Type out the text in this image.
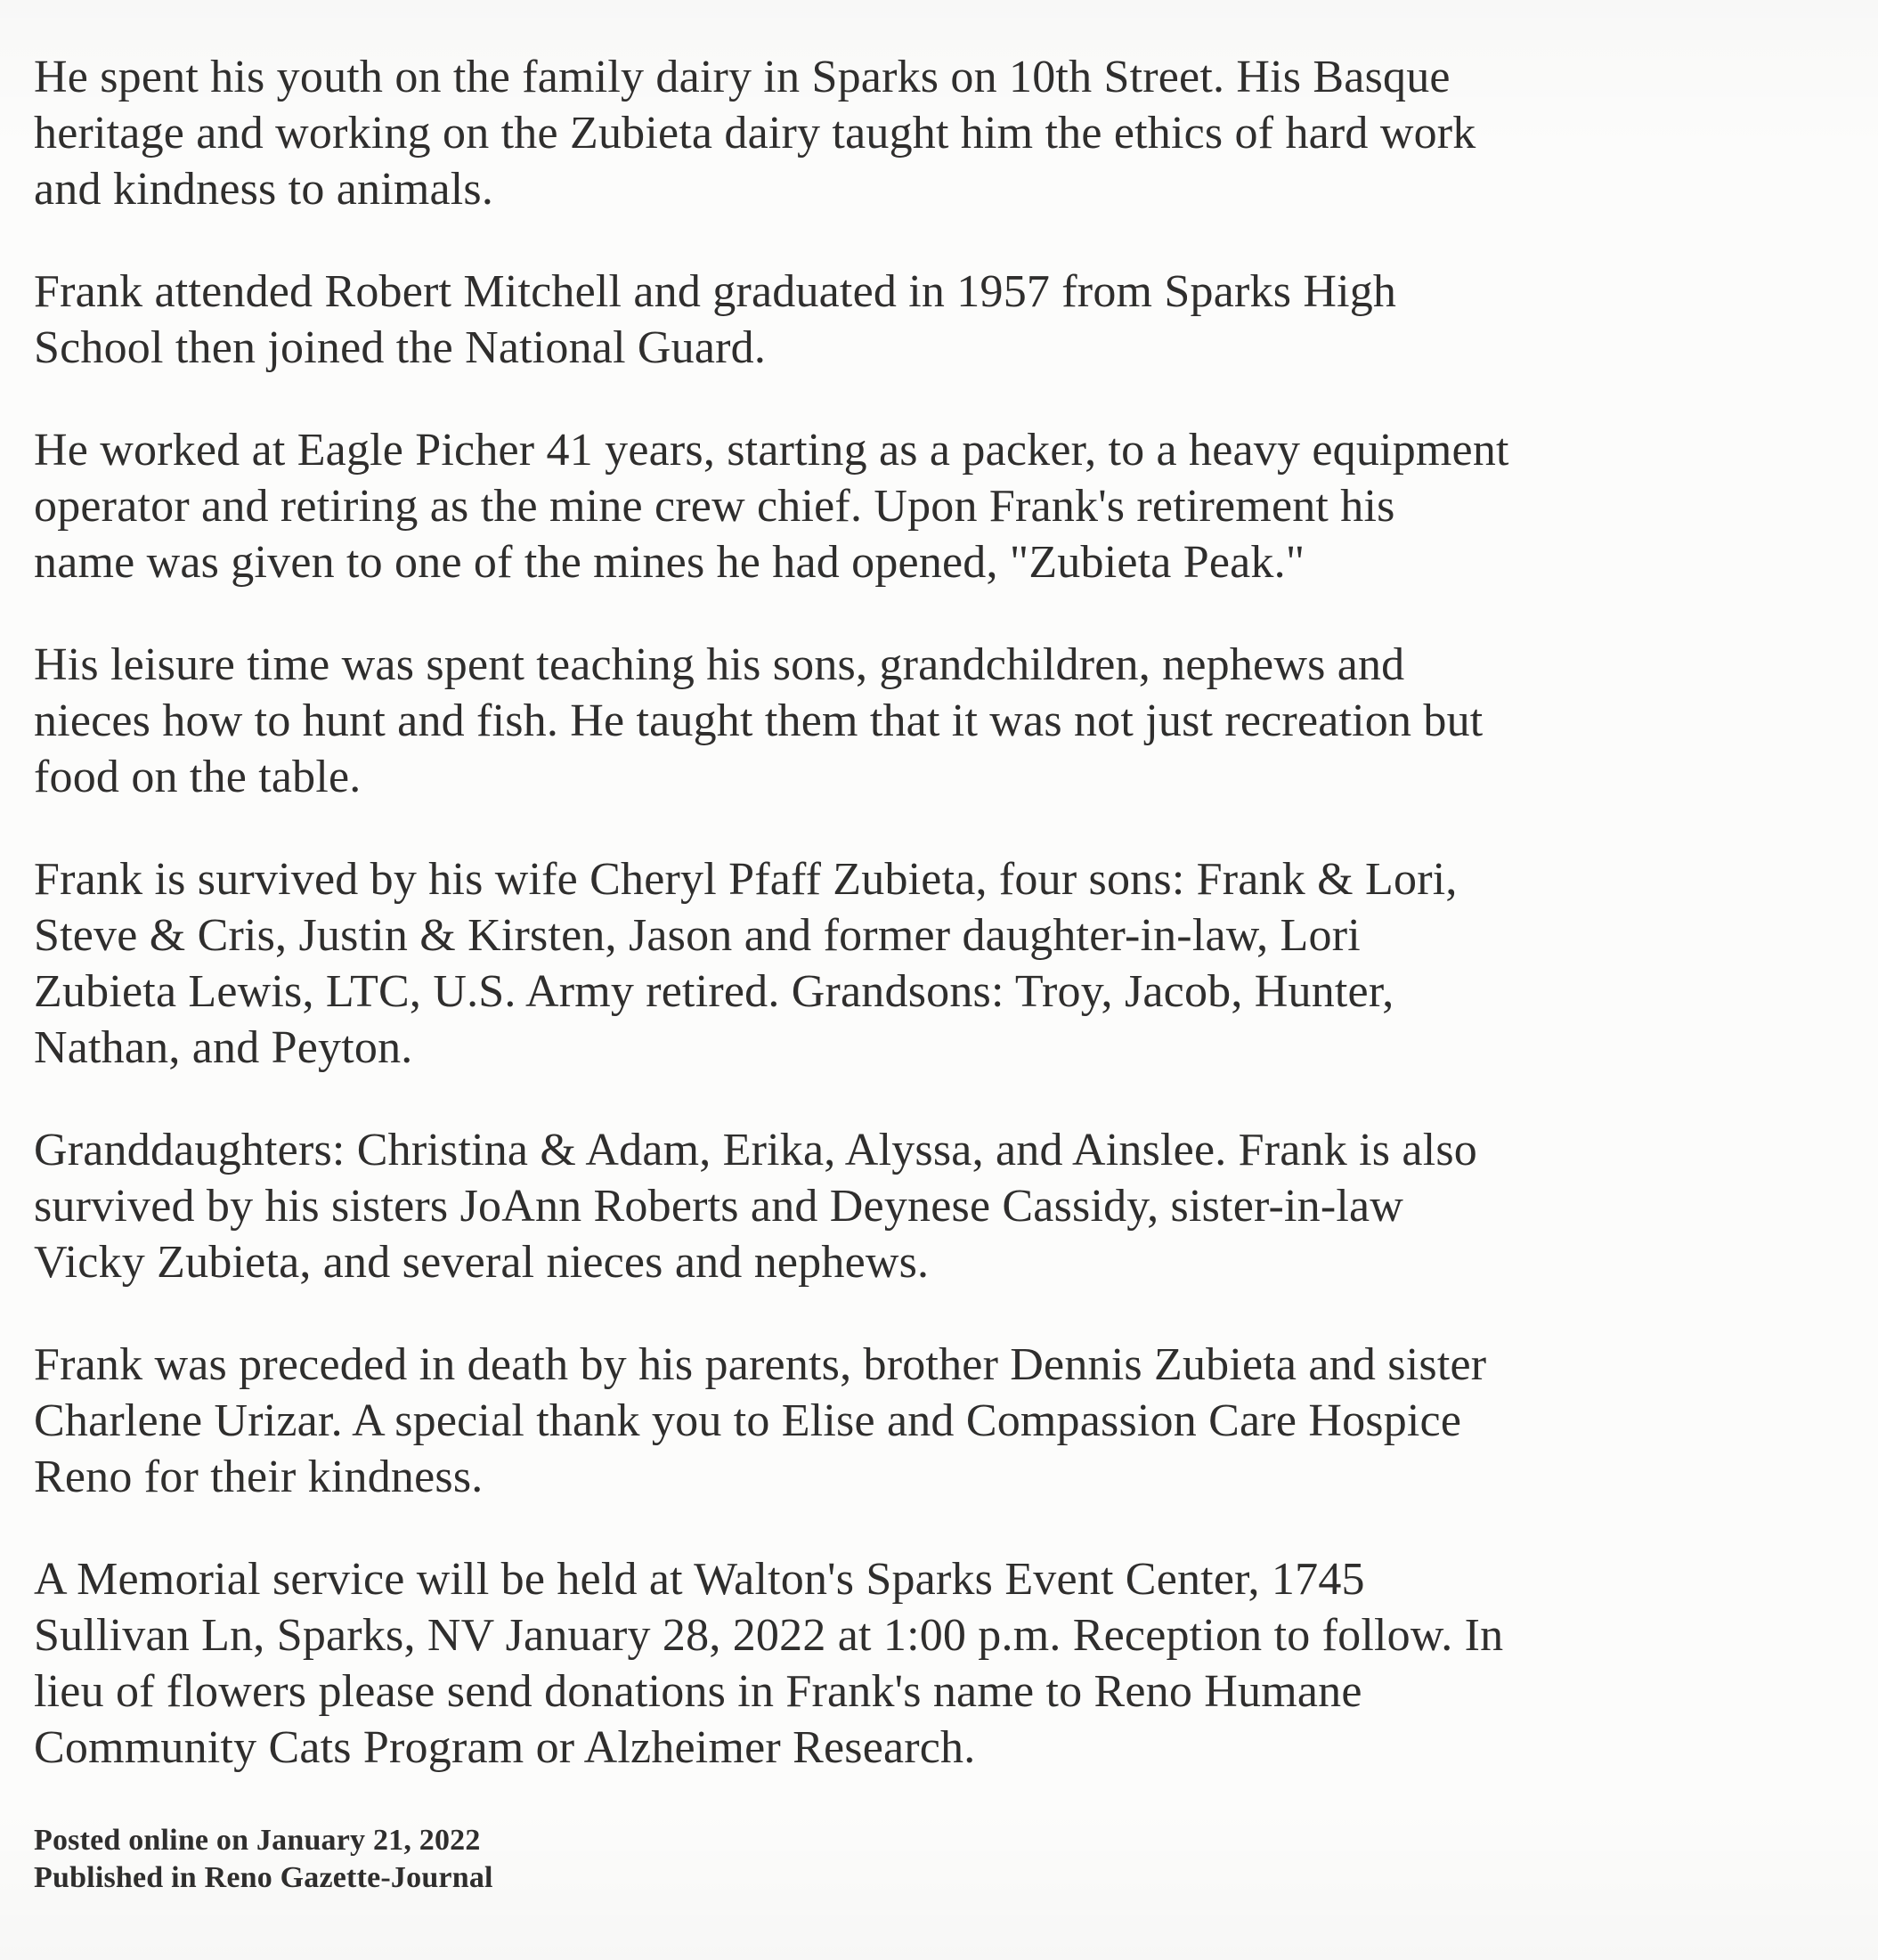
He spent his youth on the family dairy in Sparks on 10th Street. His Basque
heritage and working on the Zubieta dairy taught him the ethics of hard work
and kindness to animals.

Frank attended Robert Mitchell and graduated in 1957 from Sparks High
School then joined the National Guard.

He worked at Eagle Picher 41 years, starting as a packer, to a heavy equipment
operator and retiring as the mine crew chief. Upon Frank's retirement his
name was given to one of the mines he had opened, "Zubieta Peak."

His leisure time was spent teaching his sons, grandchildren, nephews and
nieces how to hunt and fish. He taught them that it was not just recreation but
food on the table.

Frank is survived by his wife Cheryl Pfaff Zubieta, four sons: Frank & Lori,
Steve & Cris, Justin & Kirsten, Jason and former daughter-in-law, Lori
Zubieta Lewis, LTC, U.S. Army retired. Grandsons: Troy, Jacob, Hunter,
Nathan, and Peyton.

Granddaughters: Christina & Adam, Erika, Alyssa, and Ainslee. Frank is also
survived by his sisters JoAnn Roberts and Deynese Cassidy, sister-in-law
Vicky Zubieta, and several nieces and nephews.

Frank was preceded in death by his parents, brother Dennis Zubieta and sister
Charlene Urizar. A special thank you to Elise and Compassion Care Hospice
Reno for their kindness.

A Memorial service will be held at Walton's Sparks Event Center, 1745
Sullivan Ln, Sparks, NV January 28, 2022 at 1:00 p.m. Reception to follow. In
lieu of flowers please send donations in Frank's name to Reno Humane
Community Cats Program or Alzheimer Research.

Posted online on January 21, 2022
Published in Reno Gazette-Journal
